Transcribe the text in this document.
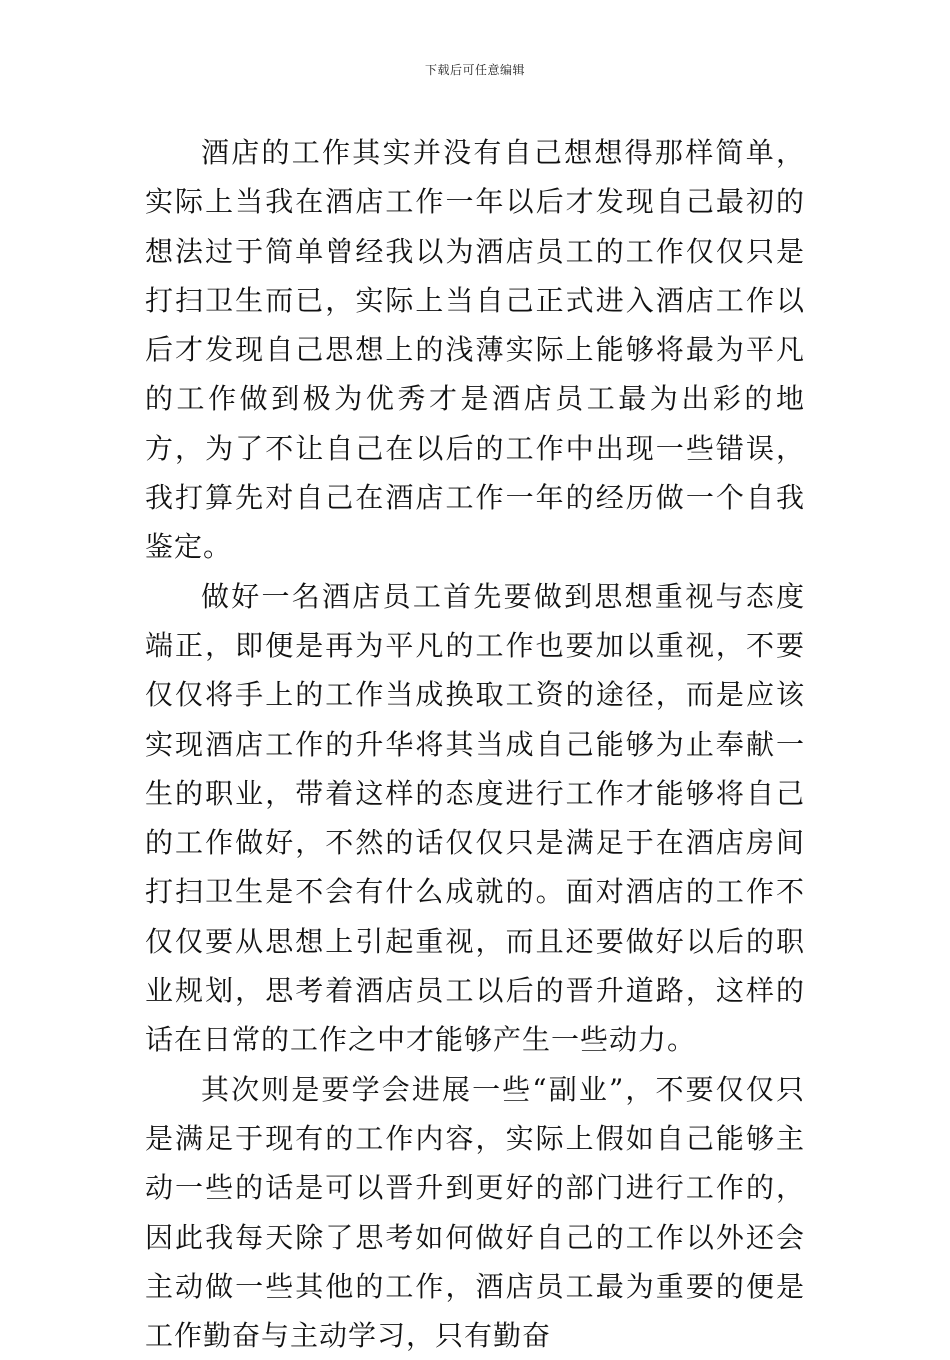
下载后可任意编辑

酒店的工作其实并没有自己想想得那样简单，实际上当我在酒店工作一年以后才发现自己最初的想法过于简单曾经我以为酒店员工的工作仅仅只是打扫卫生而已，实际上当自己正式进入酒店工作以后才发现自己思想上的浅薄实际上能够将最为平凡的工作做到极为优秀才是酒店员工最为出彩的地方，为了不让自己在以后的工作中出现一些错误，我打算先对自己在酒店工作一年的经历做一个自我鉴定。

做好一名酒店员工首先要做到思想重视与态度端正，即便是再为平凡的工作也要加以重视，不要仅仅将手上的工作当成换取工资的途径，而是应该实现酒店工作的升华将其当成自己能够为止奉献一生的职业，带着这样的态度进行工作才能够将自己的工作做好，不然的话仅仅只是满足于在酒店房间打扫卫生是不会有什么成就的。面对酒店的工作不仅仅要从思想上引起重视，而且还要做好以后的职业规划，思考着酒店员工以后的晋升道路，这样的话在日常的工作之中才能够产生一些动力。

其次则是要学会进展一些“副业”，不要仅仅只是满足于现有的工作内容，实际上假如自己能够主动一些的话是可以晋升到更好的部门进行工作的，因此我每天除了思考如何做好自己的工作以外还会主动做一些其他的工作，酒店员工最为重要的便是工作勤奋与主动学习，只有勤奋
